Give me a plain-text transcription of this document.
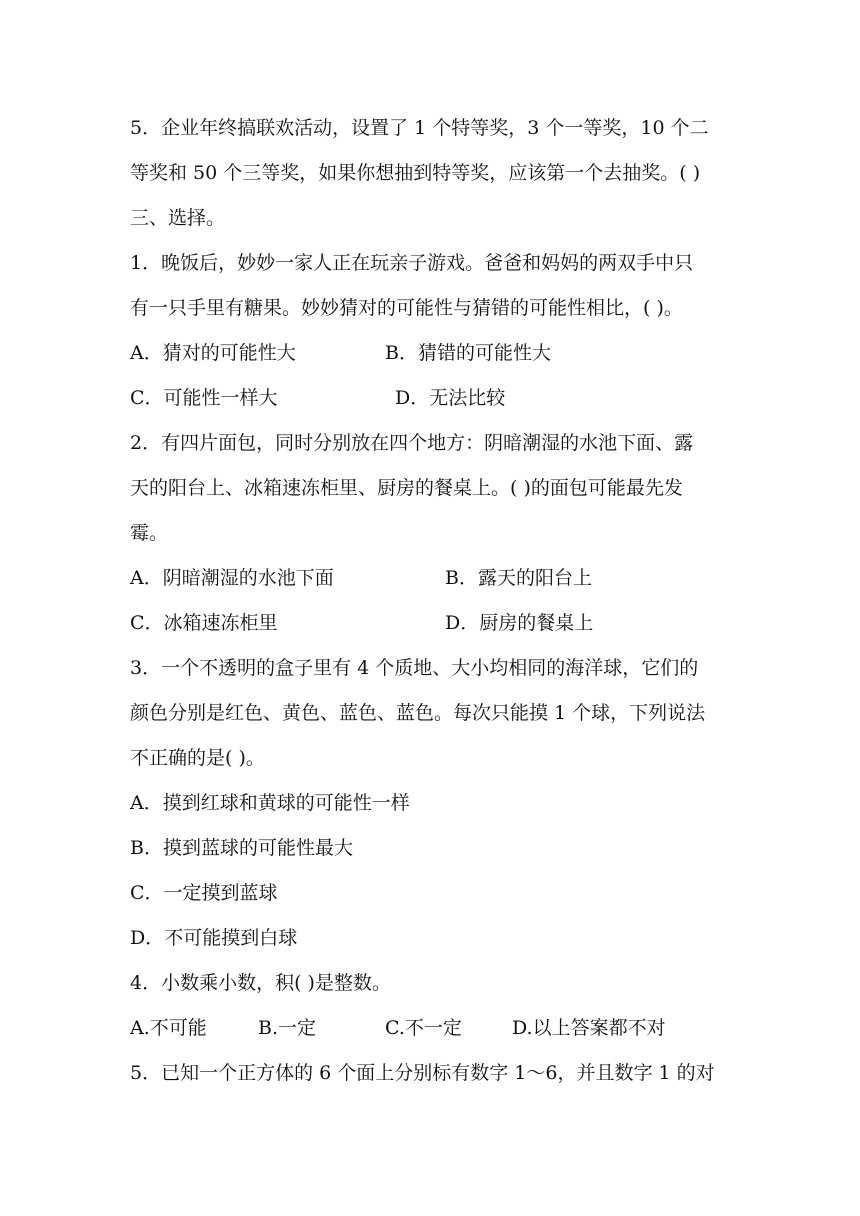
5．企业年终搞联欢活动，设置了 1 个特等奖，3 个一等奖，10 个二
等奖和 50 个三等奖，如果你想抽到特等奖，应该第一个去抽奖。( )
三、选择。
1．晚饭后，妙妙一家人正在玩亲子游戏。爸爸和妈妈的两双手中只
有一只手里有糖果。妙妙猜对的可能性与猜错的可能性相比，( )。
A．猜对的可能性大	B．猜错的可能性大
C．可能性一样大	D．无法比较
2．有四片面包，同时分别放在四个地方：阴暗潮湿的水池下面、露
天的阳台上、冰箱速冻柜里、厨房的餐桌上。( )的面包可能最先发
霉。
A．阴暗潮湿的水池下面	B．露天的阳台上
C．冰箱速冻柜里	D．厨房的餐桌上
3．一个不透明的盒子里有 4 个质地、大小均相同的海洋球，它们的
颜色分别是红色、黄色、蓝色、蓝色。每次只能摸 1 个球，下列说法
不正确的是( )。
A．摸到红球和黄球的可能性一样
B．摸到蓝球的可能性最大
C．一定摸到蓝球
D．不可能摸到白球
4．小数乘小数，积( )是整数。
A.不可能	B.一定	C.不一定	D.以上答案都不对
5．已知一个正方体的 6 个面上分别标有数字 1～6，并且数字 1 的对
